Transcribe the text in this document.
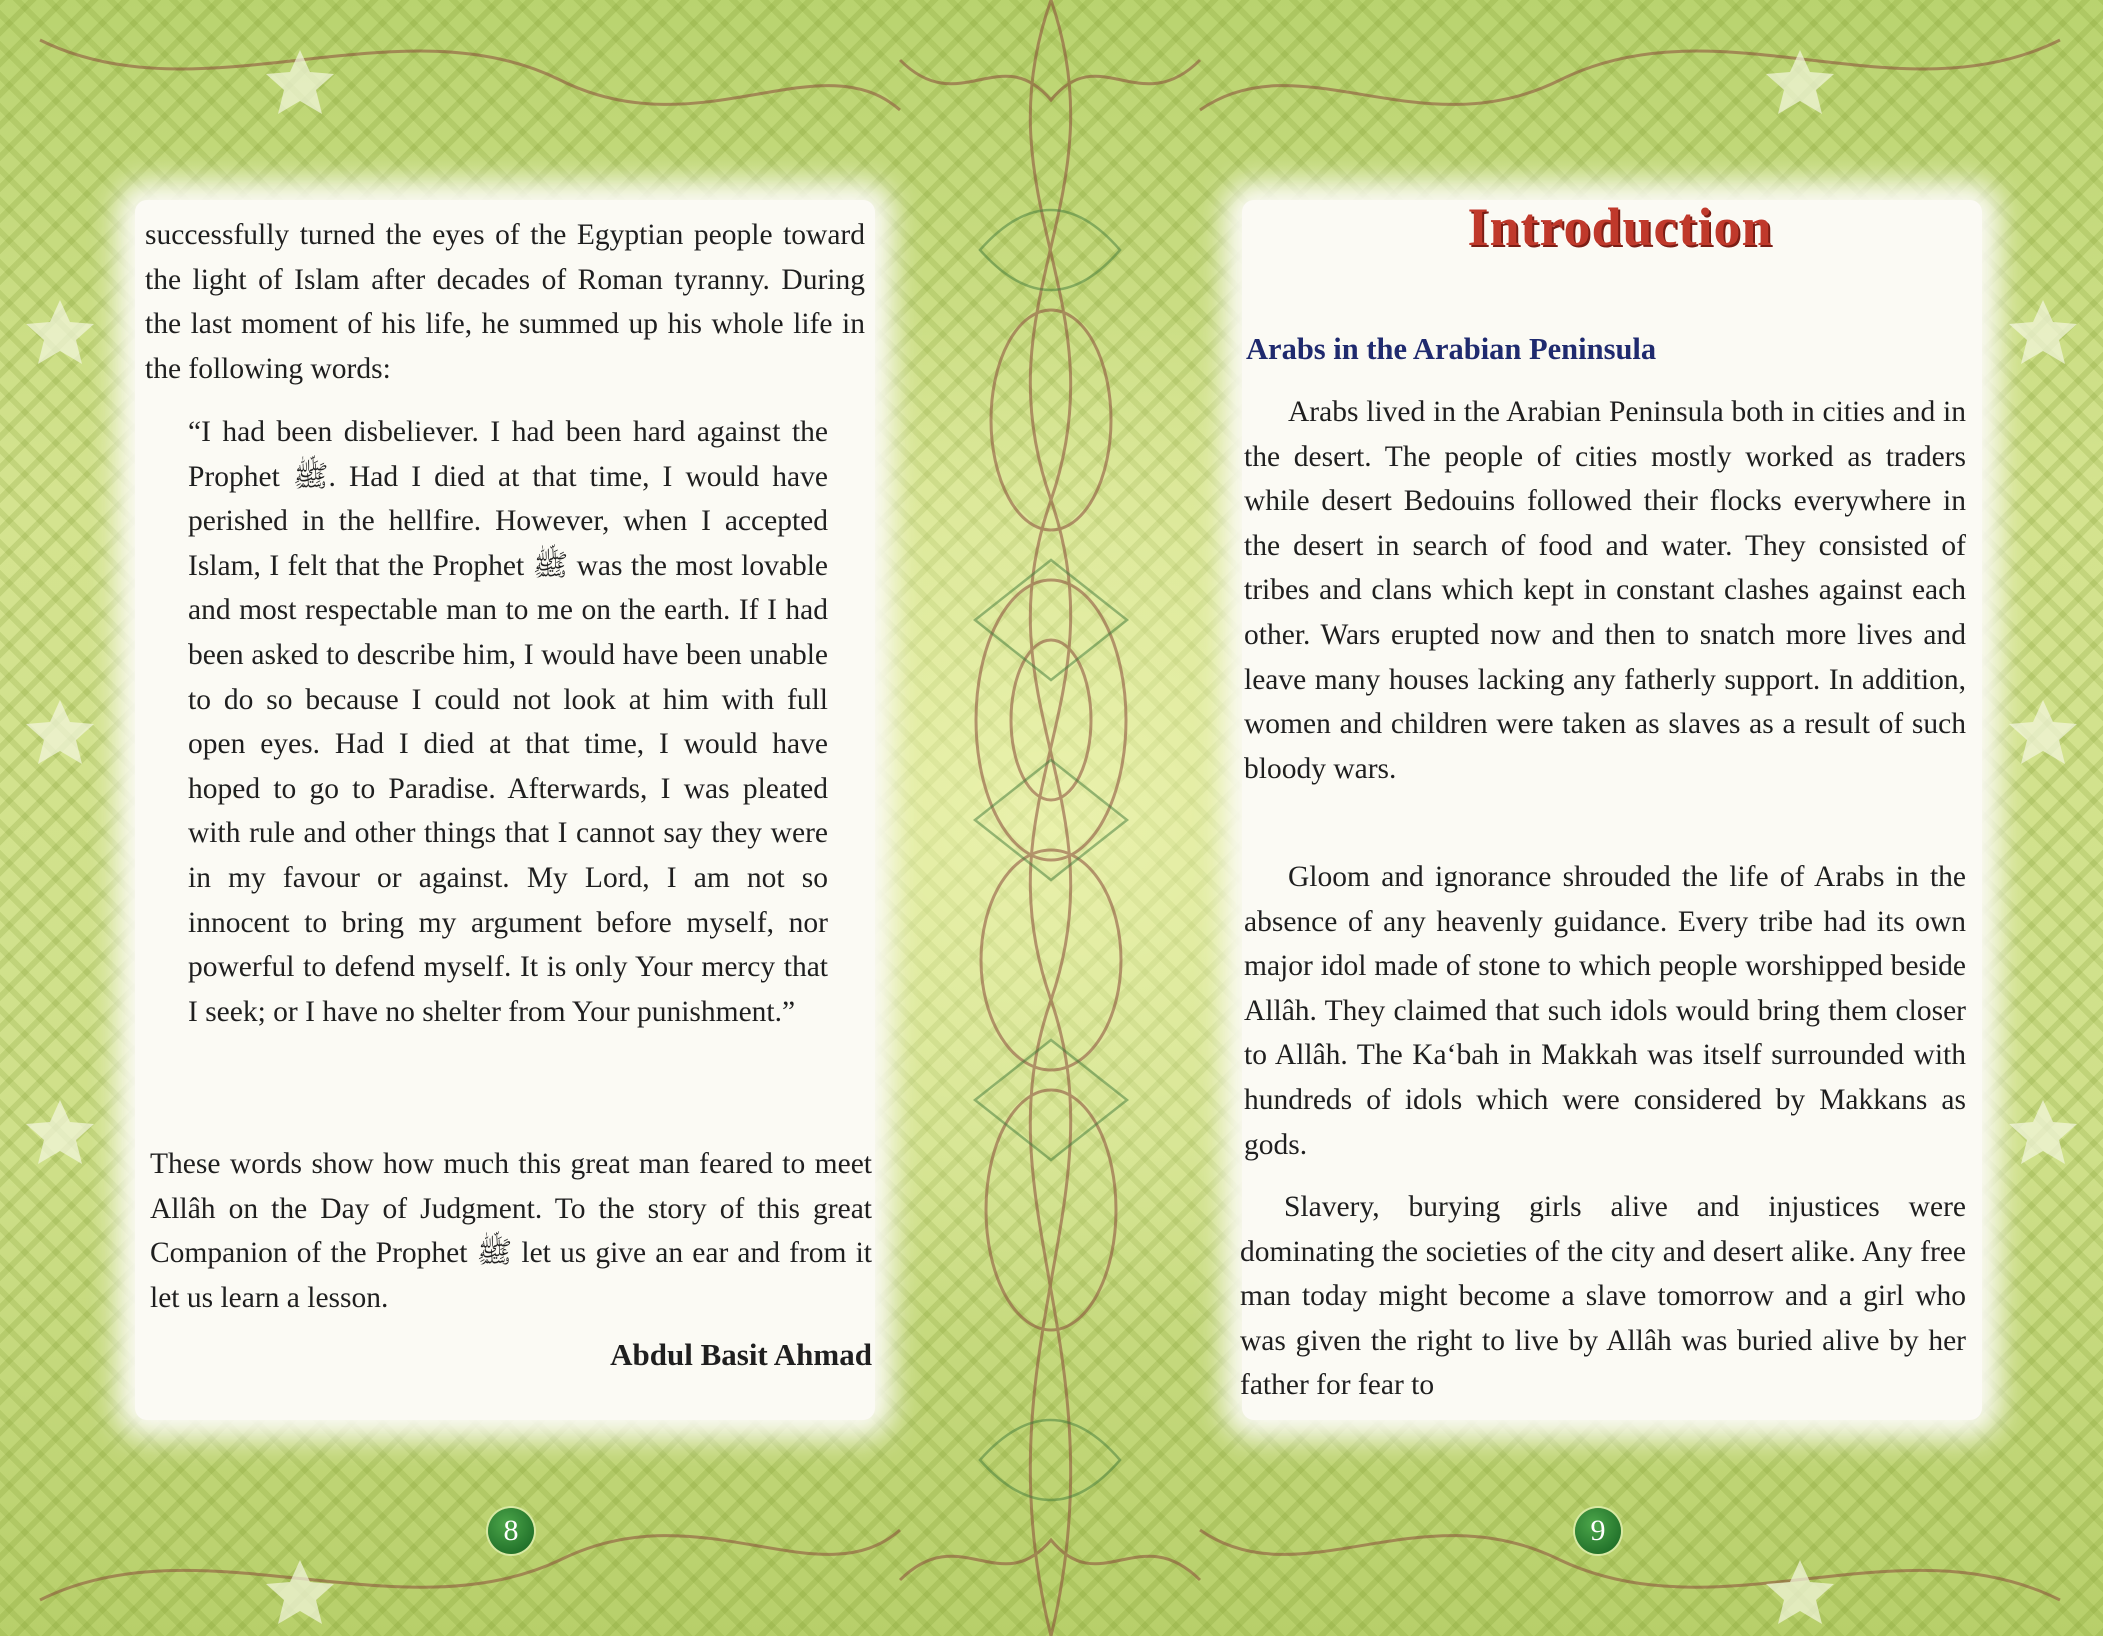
successfully turned the eyes of the Egyptian people toward the light of Islam after decades of Roman tyranny. During the last moment of his life, he summed up his whole life in the following words:

“I had been disbeliever. I had been hard against the Prophet ﷺ. Had I died at that time, I would have perished in the hellfire. However, when I accepted Islam, I felt that the Prophet ﷺ was the most lovable and most respectable man to me on the earth. If I had been asked to describe him, I would have been unable to do so because I could not look at him with full open eyes. Had I died at that time, I would have hoped to go to Paradise. Afterwards, I was pleated with rule and other things that I cannot say they were in my favour or against. My Lord, I am not so innocent to bring my argument before myself, nor powerful to defend myself. It is only Your mercy that I seek; or I have no shelter from Your punishment.”

These words show how much this great man feared to meet Allâh on the Day of Judgment. To the story of this great Companion of the Prophet ﷺ let us give an ear and from it let us learn a lesson.

Abdul Basit Ahmad
8
Introduction
Arabs in the Arabian Peninsula

Arabs lived in the Arabian Peninsula both in cities and in the desert. The people of cities mostly worked as traders while desert Bedouins followed their flocks everywhere in the desert in search of food and water. They consisted of tribes and clans which kept in constant clashes against each other. Wars erupted now and then to snatch more lives and leave many houses lacking any fatherly support. In addition, women and children were taken as slaves as a result of such bloody wars.

Gloom and ignorance shrouded the life of Arabs in the absence of any heavenly guidance. Every tribe had its own major idol made of stone to which people worshipped beside Allâh. They claimed that such idols would bring them closer to Allâh. The Ka‘bah in Makkah was itself surrounded with hundreds of idols which were considered by Makkans as gods.

Slavery, burying girls alive and injustices were dominating the societies of the city and desert alike. Any free man today might become a slave tomorrow and a girl who was given the right to live by Allâh was buried alive by her father for fear to

9
